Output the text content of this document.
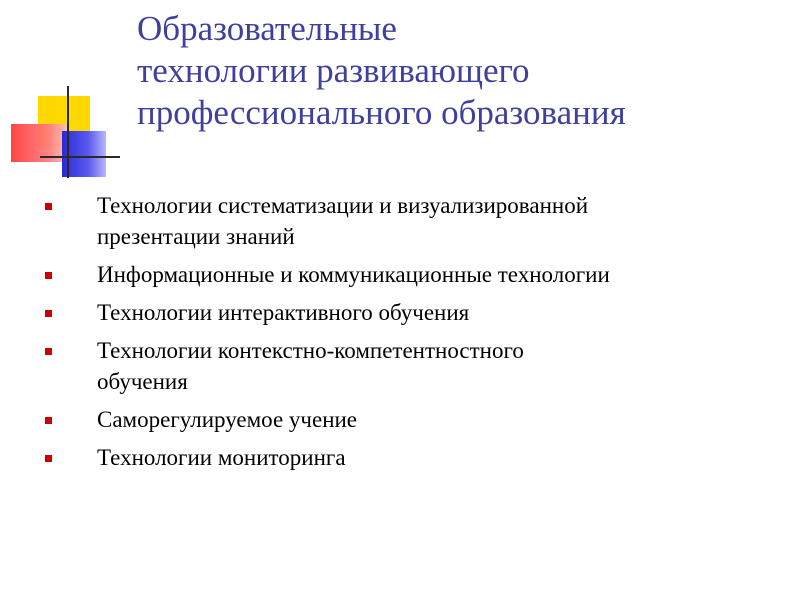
Образовательные
технологии развивающего
профессионального образования
Технологии систематизации и визуализированной
презентации знаний
Информационные и коммуникационные технологии
Технологии интерактивного обучения
Технологии контекстно-компетентностного
обучения
Саморегулируемое учение
Технологии мониторинга
